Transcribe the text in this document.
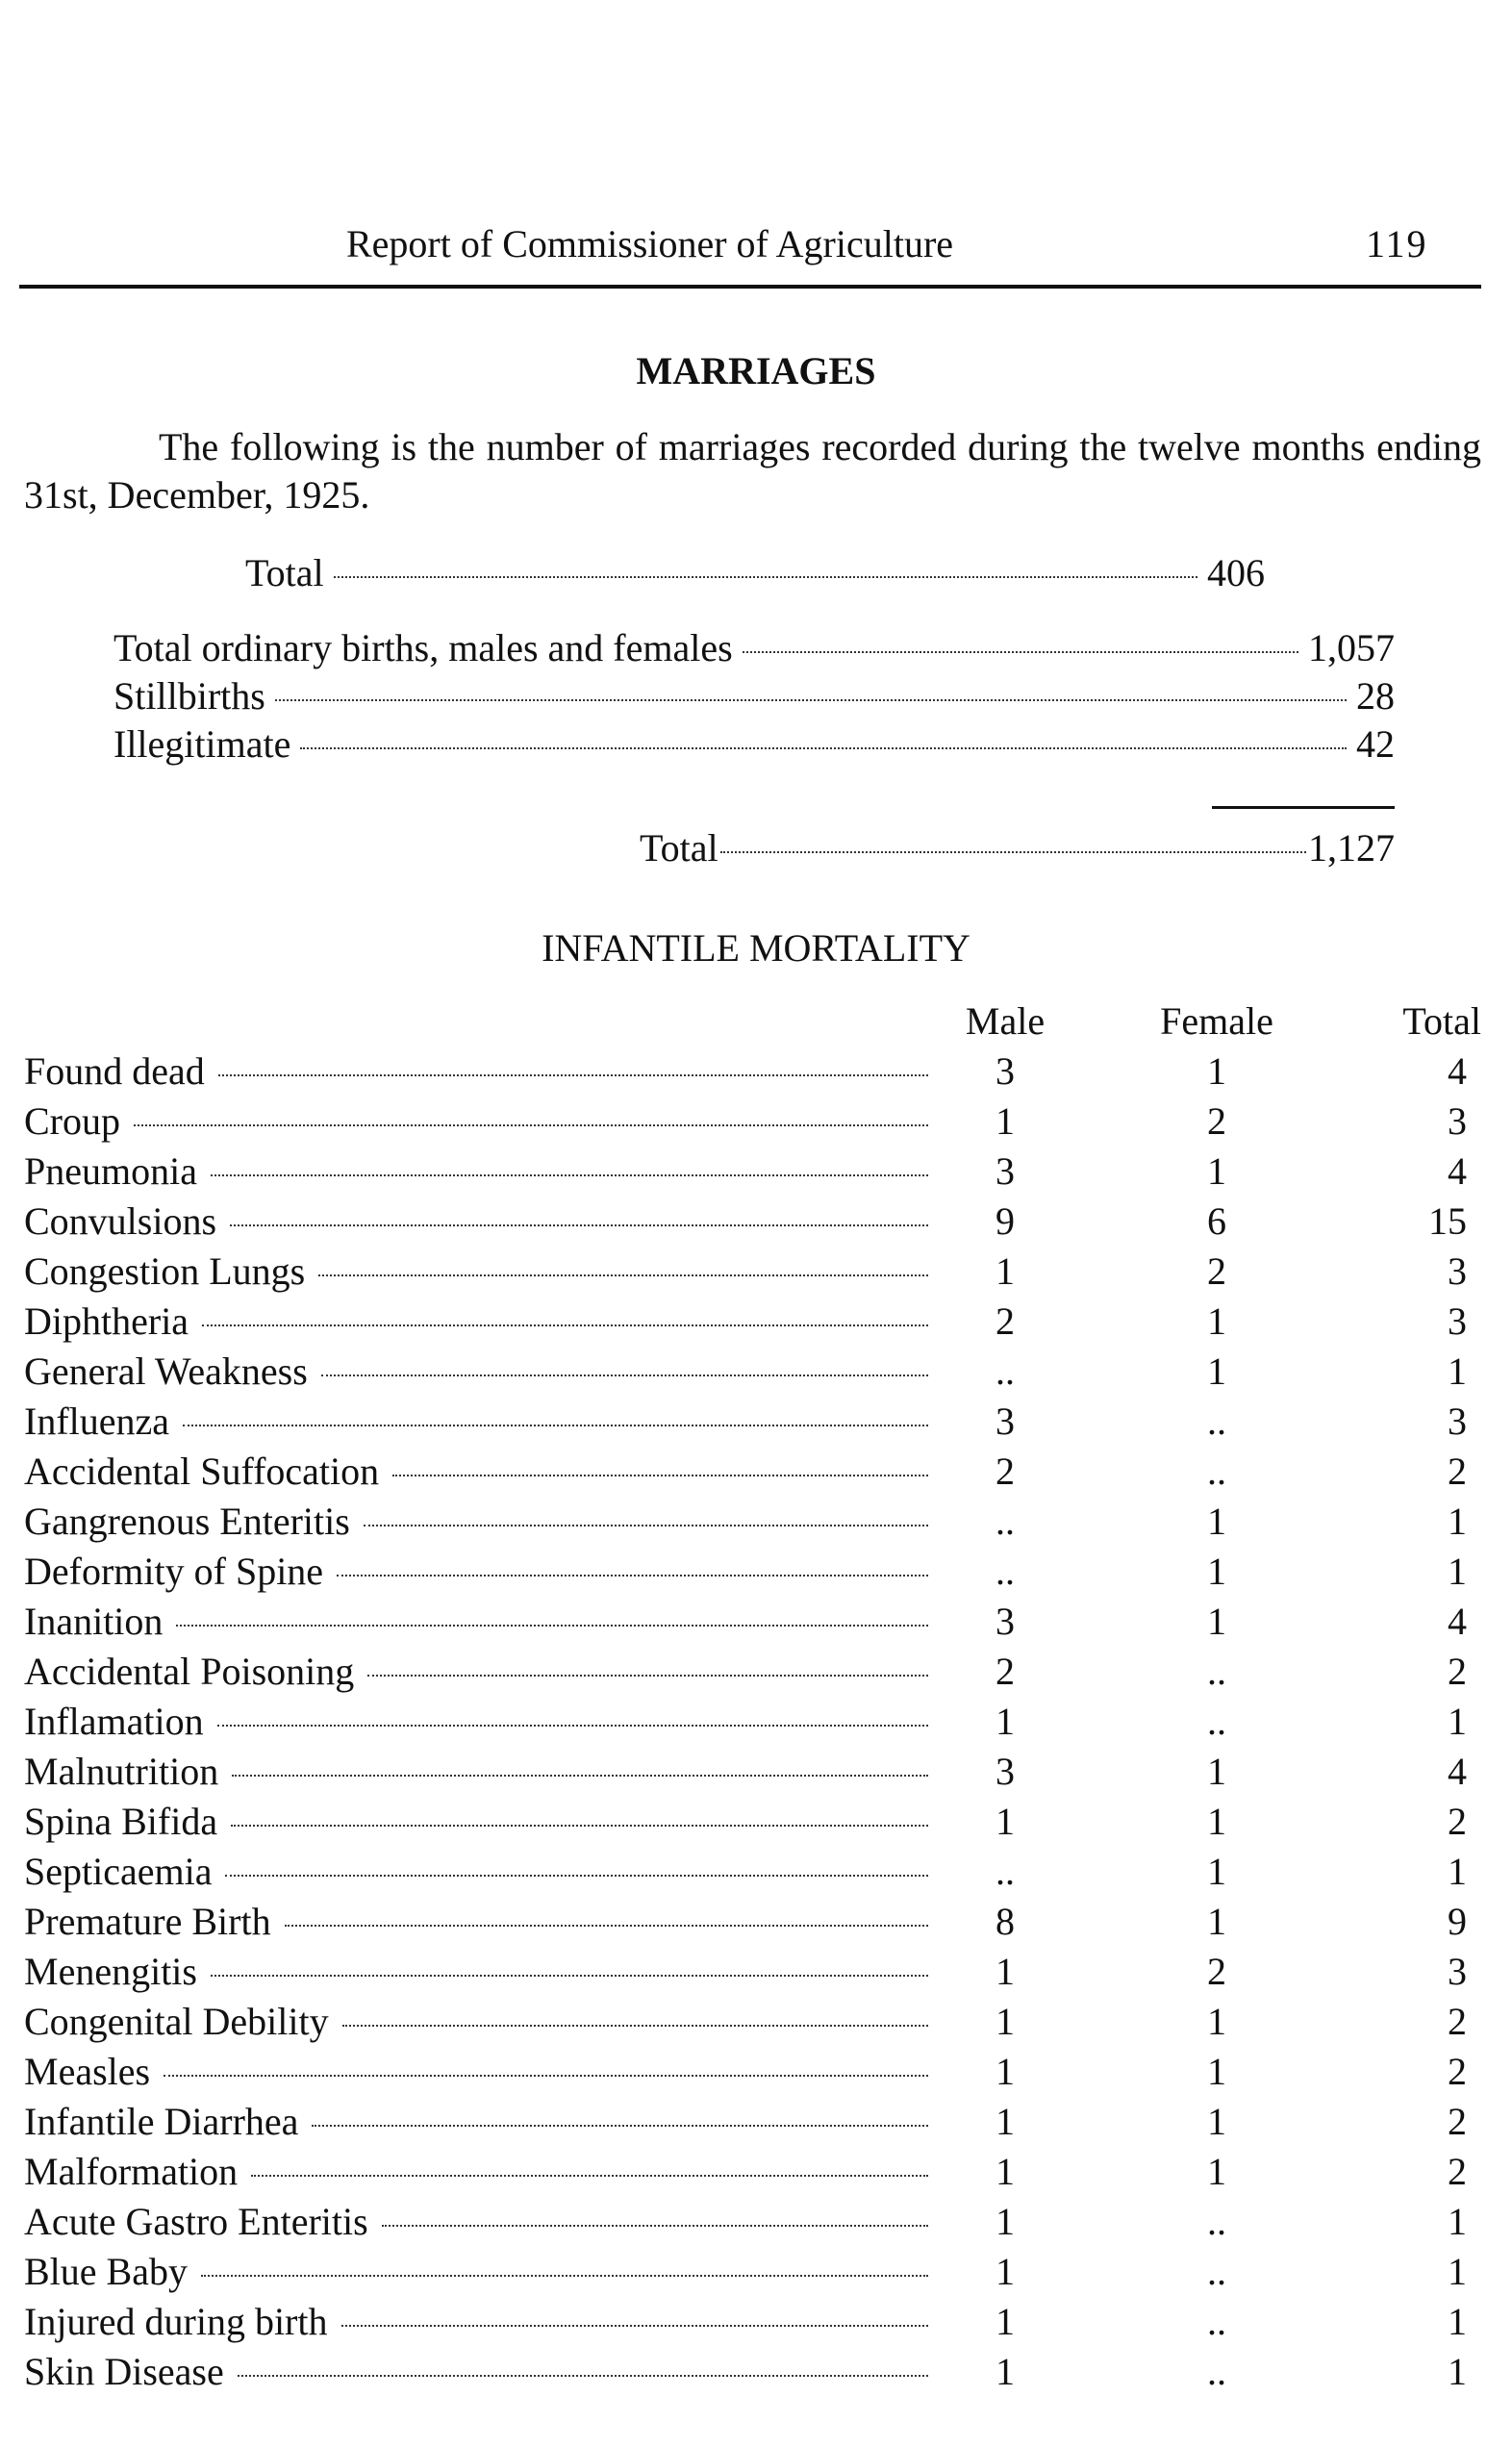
Report of Commissioner of Agriculture	119
MARRIAGES

The following is the number of marriages recorded during the twelve months ending 31st, December, 1925.

Total	406
Total ordinary births, males and females	1,057
Stillbirths	28
Illegitimate	42
Total	1,127
INFANTILE MORTALITY
Male	Female	Total
Found dead	3	1	4
Croup	1	2	3
Pneumonia	3	1	4
Convulsions	9	6	15
Congestion Lungs	1	2	3
Diphtheria	2	1	3
General Weakness	..	1	1
Influenza	3	..	3
Accidental Suffocation	2	..	2
Gangrenous Enteritis	..	1	1
Deformity of Spine	..	1	1
Inanition	3	1	4
Accidental Poisoning	2	..	2
Inflamation	1	..	1
Malnutrition	3	1	4
Spina Bifida	1	1	2
Septicaemia	..	1	1
Premature Birth	8	1	9
Menengitis	1	2	3
Congenital Debility	1	1	2
Measles	1	1	2
Infantile Diarrhea	1	1	2
Malformation	1	1	2
Acute Gastro Enteritis	1	..	1
Blue Baby	1	..	1
Injured during birth	1	..	1
Skin Disease	1	..	1
